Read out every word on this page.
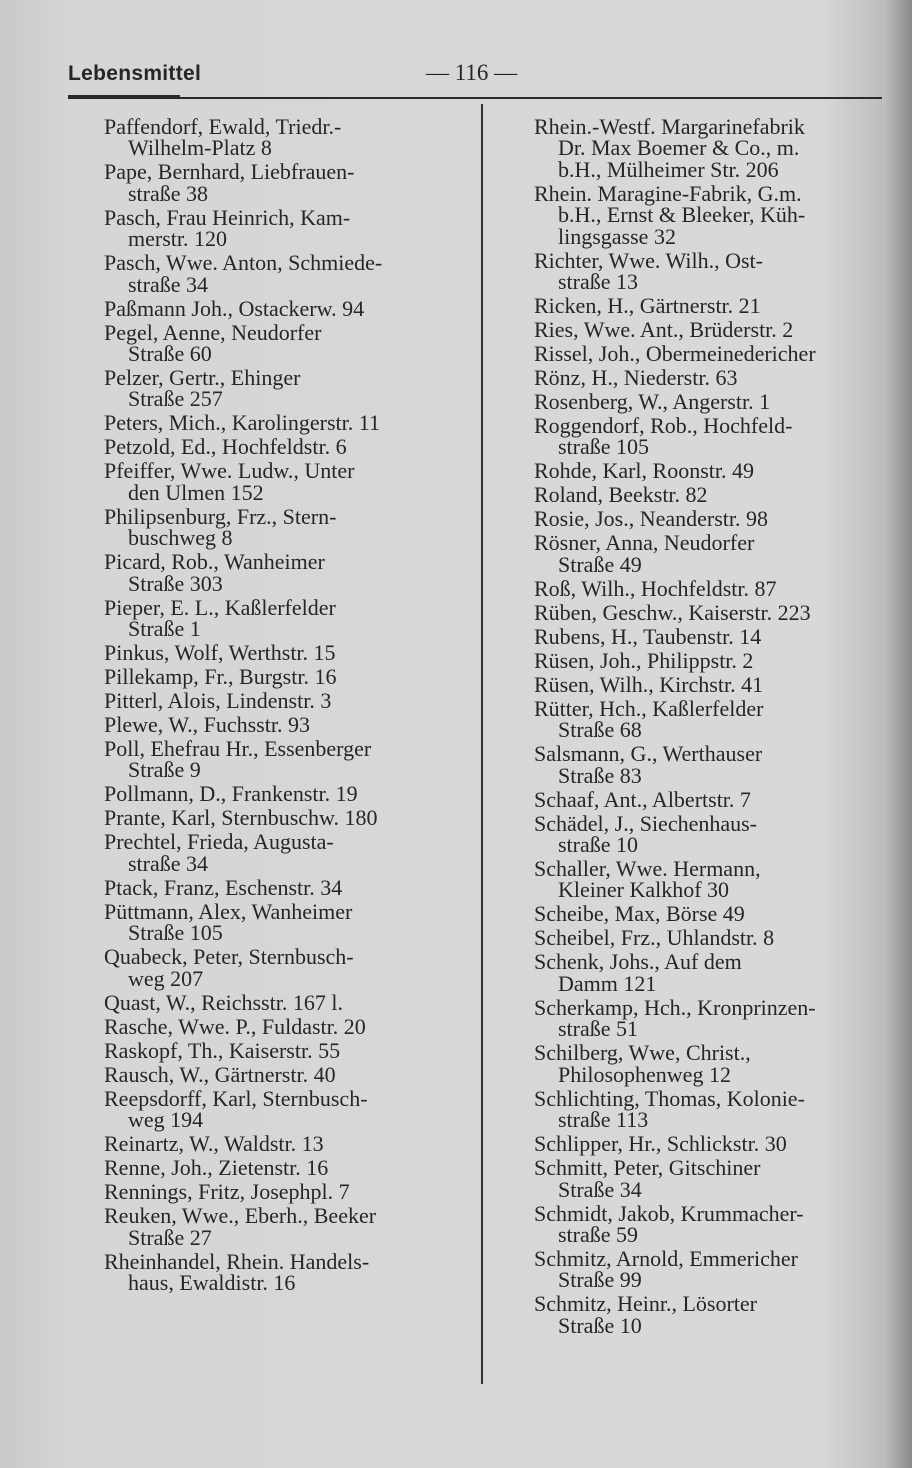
Lebensmittel	— 116 —
Paffendorf, Ewald, Triedr.-
Wilhelm-Platz 8
Pape, Bernhard, Liebfrauen-
straße 38
Pasch, Frau Heinrich, Kam-
merstr. 120
Pasch, Wwe. Anton, Schmiede-
straße 34
Paßmann Joh., Ostackerw. 94
Pegel, Aenne, Neudorfer
Straße 60
Pelzer, Gertr., Ehinger
Straße 257
Peters, Mich., Karolingerstr. 11
Petzold, Ed., Hochfeldstr. 6
Pfeiffer, Wwe. Ludw., Unter
den Ulmen 152
Philipsenburg, Frz., Stern-
buschweg 8
Picard, Rob., Wanheimer
Straße 303
Pieper, E. L., Kaßlerfelder
Straße 1
Pinkus, Wolf, Werthstr. 15
Pillekamp, Fr., Burgstr. 16
Pitterl, Alois, Lindenstr. 3
Plewe, W., Fuchsstr. 93
Poll, Ehefrau Hr., Essenberger
Straße 9
Pollmann, D., Frankenstr. 19
Prante, Karl, Sternbuschw. 180
Prechtel, Frieda, Augusta-
straße 34
Ptack, Franz, Eschenstr. 34
Püttmann, Alex, Wanheimer
Straße 105
Quabeck, Peter, Sternbusch-
weg 207
Quast, W., Reichsstr. 167 l.
Rasche, Wwe. P., Fuldastr. 20
Raskopf, Th., Kaiserstr. 55
Rausch, W., Gärtnerstr. 40
Reepsdorff, Karl, Sternbusch-
weg 194
Reinartz, W., Waldstr. 13
Renne, Joh., Zietenstr. 16
Rennings, Fritz, Josephpl. 7
Reuken, Wwe., Eberh., Beeker
Straße 27
Rheinhandel, Rhein. Handels-
haus, Ewaldistr. 16
Rhein.-Westf. Margarinefabrik
Dr. Max Boemer & Co., m.
b.H., Mülheimer Str. 206
Rhein. Maragine-Fabrik, G.m.
b.H., Ernst & Bleeker, Küh-
lingsgasse 32
Richter, Wwe. Wilh., Ost-
straße 13
Ricken, H., Gärtnerstr. 21
Ries, Wwe. Ant., Brüderstr. 2
Rissel, Joh., Obermeinedericher
Rönz, H., Niederstr. 63
Rosenberg, W., Angerstr. 1
Roggendorf, Rob., Hochfeld-
straße 105
Rohde, Karl, Roonstr. 49
Roland, Beekstr. 82
Rosie, Jos., Neanderstr. 98
Rösner, Anna, Neudorfer
Straße 49
Roß, Wilh., Hochfeldstr. 87
Rüben, Geschw., Kaiserstr. 223
Rubens, H., Taubenstr. 14
Rüsen, Joh., Philippstr. 2
Rüsen, Wilh., Kirchstr. 41
Rütter, Hch., Kaßlerfelder
Straße 68
Salsmann, G., Werthauser
Straße 83
Schaaf, Ant., Albertstr. 7
Schädel, J., Siechenhaus-
straße 10
Schaller, Wwe. Hermann,
Kleiner Kalkhof 30
Scheibe, Max, Börse 49
Scheibel, Frz., Uhlandstr. 8
Schenk, Johs., Auf dem
Damm 121
Scherkamp, Hch., Kronprinzen-
straße 51
Schilberg, Wwe, Christ.,
Philosophenweg 12
Schlichting, Thomas, Kolonie-
straße 113
Schlipper, Hr., Schlickstr. 30
Schmitt, Peter, Gitschiner
Straße 34
Schmidt, Jakob, Krummacher-
straße 59
Schmitz, Arnold, Emmericher
Straße 99
Schmitz, Heinr., Lösorter
Straße 10
